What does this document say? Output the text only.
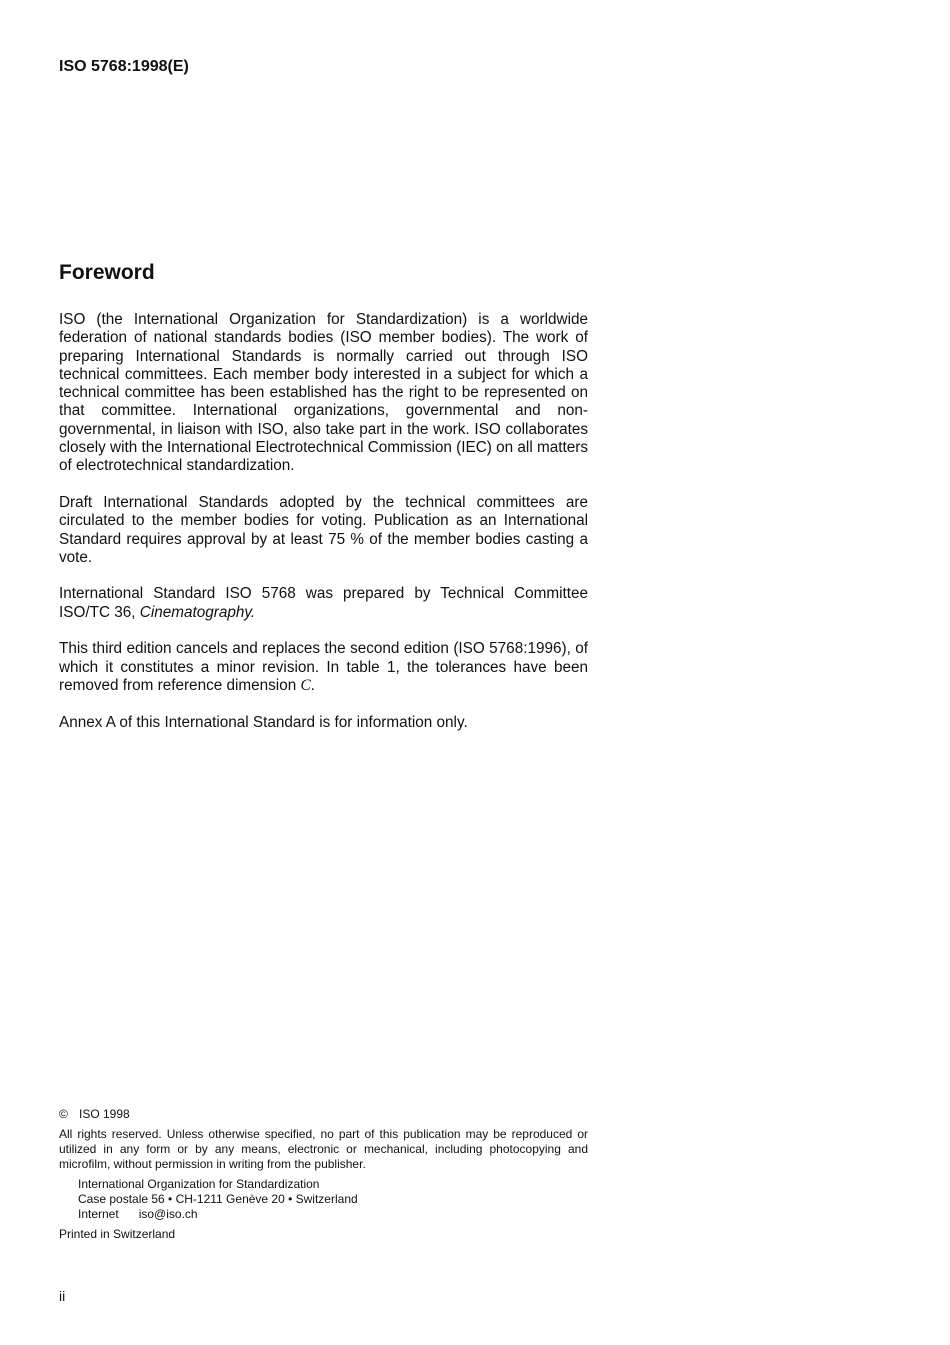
ISO 5768:1998(E)
Foreword

ISO (the International Organization for Standardization) is a worldwide federation of national standards bodies (ISO member bodies). The work of preparing International Standards is normally carried out through ISO technical committees. Each member body interested in a subject for which a technical committee has been established has the right to be represented on that committee. International organizations, governmental and non-governmental, in liaison with ISO, also take part in the work. ISO collaborates closely with the International Electrotechnical Commission (IEC) on all matters of electrotechnical standardization.

Draft International Standards adopted by the technical committees are circulated to the member bodies for voting. Publication as an International Standard requires approval by at least 75 % of the member bodies casting a vote.

International Standard ISO 5768 was prepared by Technical Committee ISO/TC 36, Cinematography.

This third edition cancels and replaces the second edition (ISO 5768:1996), of which it constitutes a minor revision. In table 1, the tolerances have been removed from reference dimension C.

Annex A of this International Standard is for information only.

© ISO 1998
All rights reserved. Unless otherwise specified, no part of this publication may be reproduced or utilized in any form or by any means, electronic or mechanical, including photocopying and microfilm, without permission in writing from the publisher.
International Organization for Standardization
Case postale 56 • CH-1211 Genève 20 • Switzerland
Internet iso@iso.ch
Printed in Switzerland
ii
